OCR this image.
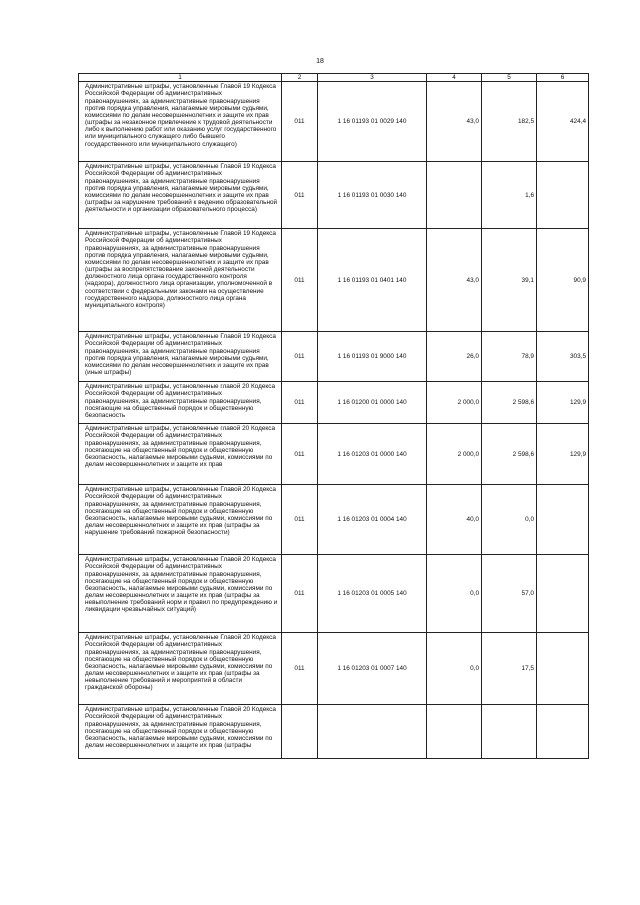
18
1	2	3	4	5	6
Административные штрафы, установленные Главой 19 Кодекса Российской Федерации об административных правонарушениях, за административные правонарушения против порядка управления, налагаемые мировыми судьями, комиссиями по делам несовершеннолетних и защите их прав (штрафы за незаконное привлечение к трудовой деятельности либо к выполнению работ или оказанию услуг государственного или муниципального служащего либо бывшего государственного или муниципального служащего)	011	1 16 01193 01 0029 140	43,0	182,5	424,4
Административные штрафы, установленные Главой 19 Кодекса Российской Федерации об административных правонарушениях, за административные правонарушения против порядка управления, налагаемые мировыми судьями, комиссиями по делам несовершеннолетних и защите их прав (штрафы за нарушение требований к ведению образовательной деятельности и организации образовательного процесса)	011	1 16 01193 01 0030 140		1,6	
Административные штрафы, установленные Главой 19 Кодекса Российской Федерации об административных правонарушениях, за административные правонарушения против порядка управления, налагаемые мировыми судьями, комиссиями по делам несовершеннолетних и защите их прав (штрафы за воспрепятствование законной деятельности должностного лица органа государственного контроля (надзора), должностного лица организации, уполномоченной в соответствии с федеральными законами на осуществление государственного надзора, должностного лица органа муниципального контроля)	011	1 16 01193 01 0401 140	43,0	39,1	90,9
Административные штрафы, установленные Главой 19 Кодекса Российской Федерации об административных правонарушениях, за административные правонарушения против порядка управления, налагаемые мировыми судьями, комиссиями по делам несовершеннолетних и защите их прав (иные штрафы)	011	1 16 01193 01 9000 140	26,0	78,9	303,5
Административные штрафы, установленные главой 20 Кодекса Российской Федерации об административных правонарушениях, за административные правонарушения, посягающие на общественный порядок и общественную безопасность	011	1 16 01200 01 0000 140	2 000,0	2 598,6	129,9
Административные штрафы, установленные главой 20 Кодекса Российской Федерации об административных правонарушениях, за административные правонарушения, посягающие на общественный порядок и общественную безопасность, налагаемые мировыми судьями, комиссиями по делам несовершеннолетних и защите их прав	011	1 16 01203 01 0000 140	2 000,0	2 598,6	129,9
Административные штрафы, установленные Главой 20 Кодекса Российской Федерации об административных правонарушениях, за административные правонарушения, посягающие на общественный порядок и общественную безопасность, налагаемые мировыми судьями, комиссиями по делам несовершеннолетних и защите их прав (штрафы за нарушение требований пожарной безопасности)	011	1 16 01203 01 0004 140	40,0	0,0	
Административные штрафы, установленные Главой 20 Кодекса Российской Федерации об административных правонарушениях, за административные правонарушения, посягающие на общественный порядок и общественную безопасность, налагаемые мировыми судьями, комиссиями по делам несовершеннолетних и защите их прав (штрафы за невыполнение требований норм и правил по предупреждению и ликвидации чрезвычайных ситуаций)	011	1 16 01203 01 0005 140	0,0	57,0	
Административные штрафы, установленные Главой 20 Кодекса Российской Федерации об административных правонарушениях, за административные правонарушения, посягающие на общественный порядок и общественную безопасность, налагаемые мировыми судьями, комиссиями по делам несовершеннолетних и защите их прав (штрафы за невыполнение требований и мероприятий в области гражданской обороны)	011	1 16 01203 01 0007 140	0,0	17,5	
Административные штрафы, установленные Главой 20 Кодекса Российской Федерации об административных правонарушениях, за административные правонарушения, посягающие на общественный порядок и общественную безопасность, налагаемые мировыми судьями, комиссиями по делам несовершеннолетних и защите их прав (штрафы					
